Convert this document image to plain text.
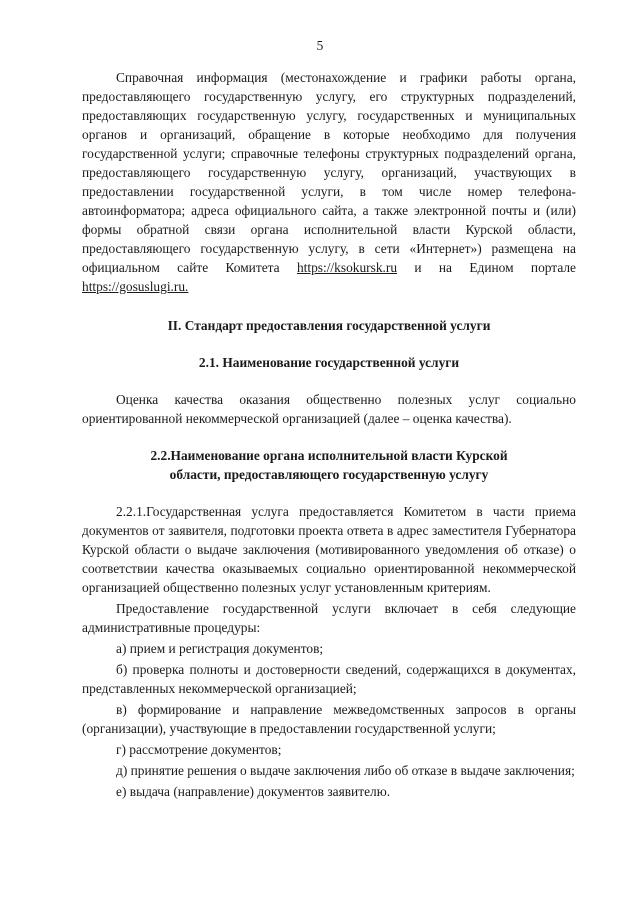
5

Справочная информация (местонахождение и графики работы органа, предоставляющего государственную услугу, его структурных подразделений, предоставляющих государственную услугу, государственных и муниципальных органов и организаций, обращение в которые необходимо для получения государственной услуги; справочные телефоны структурных подразделений органа, предоставляющего государственную услугу, организаций, участвующих в предоставлении государственной услуги, в том числе номер телефона-автоинформатора; адреса официального сайта, а также электронной почты и (или) формы обратной связи органа исполнительной власти Курской области, предоставляющего государственную услугу, в сети «Интернет») размещена на официальном сайте Комитета https://ksokursk.ru и на Едином портале https://gosuslugi.ru.

II. Стандарт предоставления государственной услуги
2.1. Наименование государственной услуги

Оценка качества оказания общественно полезных услуг социально ориентированной некоммерческой организацией (далее – оценка качества).

2.2.Наименование органа исполнительной власти Курской
области, предоставляющего государственную услугу

2.2.1.Государственная услуга предоставляется Комитетом в части приема документов от заявителя, подготовки проекта ответа в адрес заместителя Губернатора Курской области о выдаче заключения (мотивированного уведомления об отказе) о соответствии качества оказываемых социально ориентированной некоммерческой организацией общественно полезных услуг установленным критериям.

Предоставление государственной услуги включает в себя следующие административные процедуры:

а) прием и регистрация документов;

б) проверка полноты и достоверности сведений, содержащихся в документах, представленных некоммерческой организацией;

в) формирование и направление межведомственных запросов в органы (организации), участвующие в предоставлении государственной услуги;

г) рассмотрение документов;

д) принятие решения о выдаче заключения либо об отказе в выдаче заключения;

е) выдача (направление) документов заявителю.
